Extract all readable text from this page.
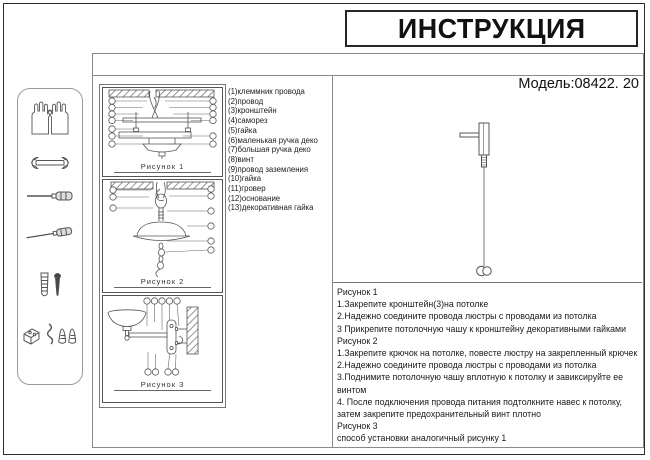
ИНСТРУКЦИЯ
Рисунок 1
Рисунок 2
Рисунок 3
(1)клеммник провода
(2)провод
(3)кронштейн
(4)саморез
(5)гайка
(6)маленькая ручка деко
(7)большая ручка деко
(8)винт
(9)провод заземления
(10)гайка
(11)гровер
(12)основание
(13)декоративная гайка
Модель:08422. 20
Рисунок 1
1.Закрепите кронштейн(3)на потолке
2.Надежно соедините провода люстры с проводами из потолка
3 Прикрепите потолочную чашу к кронштейну декоративными гайками
Рисунок 2
1.Закрепите крючок на потолке, повесте люстру на закрепленный крючек
2.Надежно соедините провода люстры с проводами из потолка
3.Поднимите потолочную чашу вплотную к потолку и завиксируйте ее винтом
4. После подключения провода питания подтолкните навес к потолку, затем закрепите предохранительный винт плотно
Рисунок 3
способ установки аналогичный рисунку 1
